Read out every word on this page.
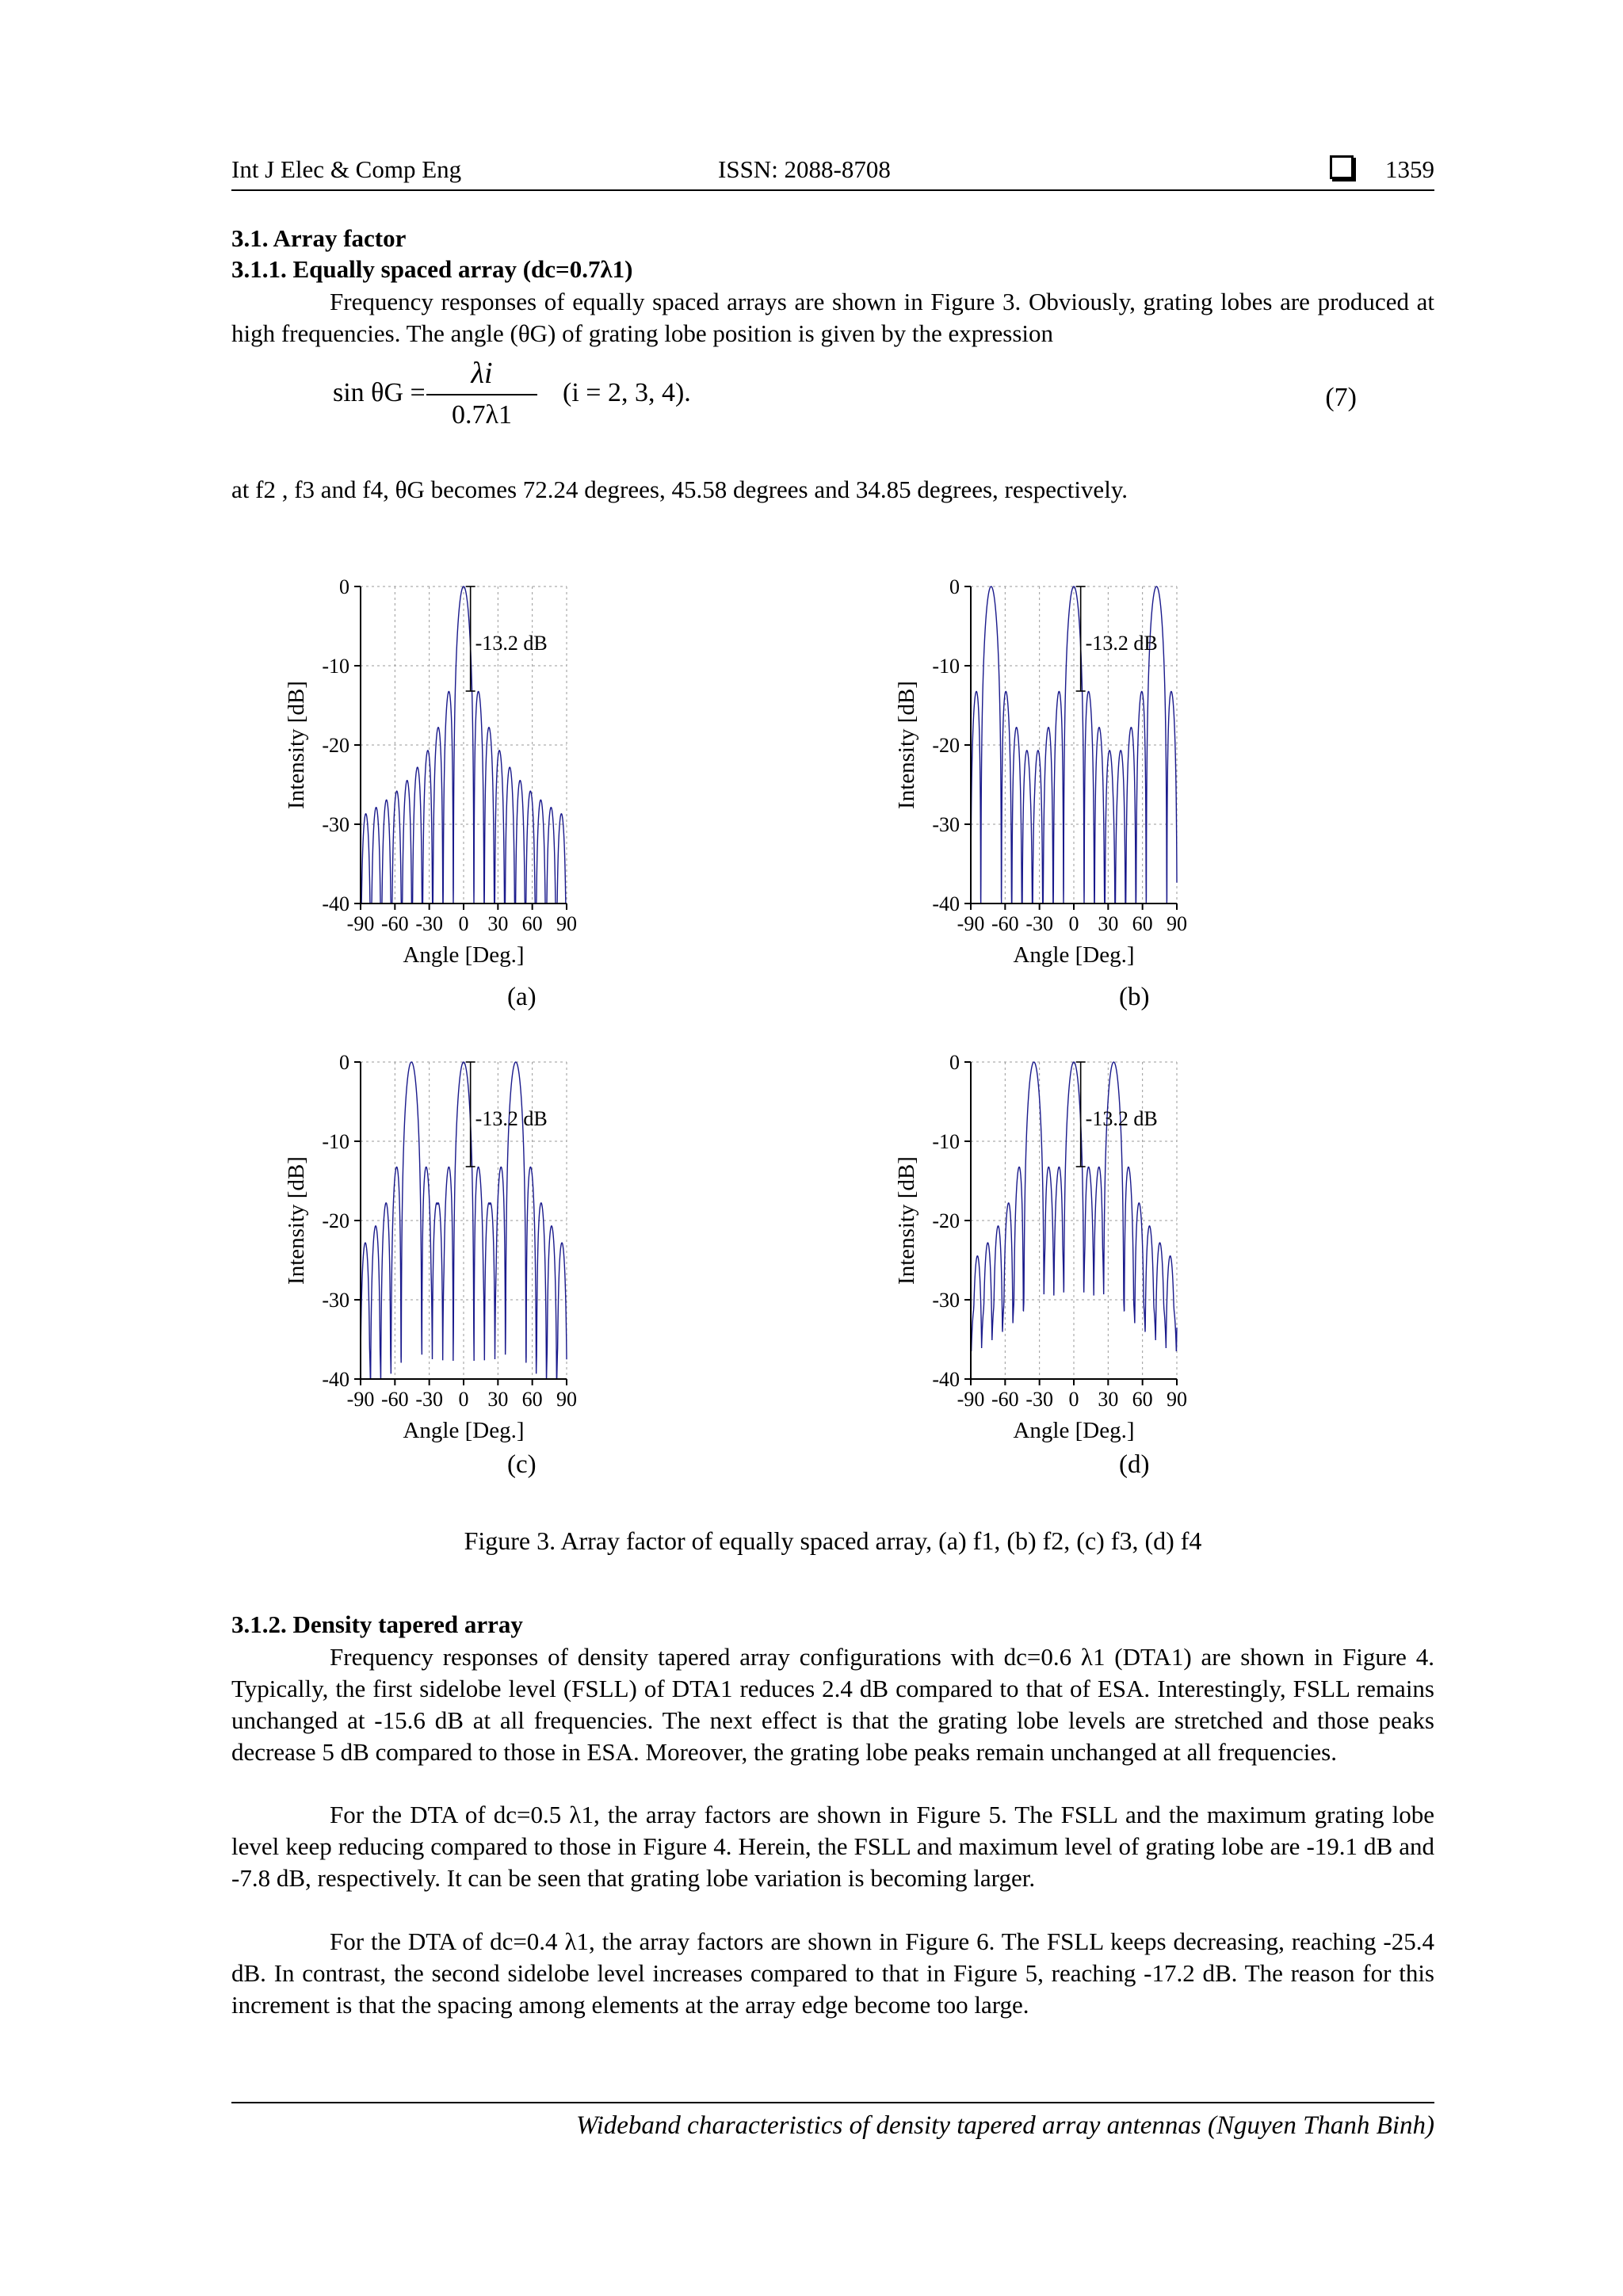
Int J Elec & Comp Eng	ISSN: 2088-8708	1359
3.1. Array factor
3.1.1. Equally spaced array (dc=0.7λ1)
Frequency responses of equally spaced arrays are shown in Figure 3. Obviously, grating lobes are produced at high frequencies. The angle (θG) of grating lobe position is given by the expression
sin θG =
λi
0.7λ1
(i = 2, 3, 4).	(7)
at f2 , f3 and f4, θG becomes 72.24 degrees, 45.58 degrees and 34.85 degrees, respectively.
-90 -60 -30 0 30 60 90
0
-10
-20
-30
-40
Angle [Deg.]
Intensity [dB]
-13.2 dB
-90 -60 -30 0 30 60 90
0
-10
-20
-30
-40
Angle [Deg.]
Intensity [dB]
-13.2 dB
-90 -60 -30 0 30 60 90
0
-10
-20
-30
-40
Angle [Deg.]
Intensity [dB]
-13.2 dB
-90 -60 -30 0 30 60 90
0
-10
-20
-30
-40
Angle [Deg.]
Intensity [dB]
-13.2 dB
(a)	(b)
(c)	(d)
Figure 3. Array factor of equally spaced array, (a) f1, (b) f2, (c) f3, (d) f4
3.1.2. Density tapered array
Frequency responses of density tapered array configurations with dc=0.6 λ1 (DTA1) are shown in Figure 4. Typically, the first sidelobe level (FSLL) of DTA1 reduces 2.4 dB compared to that of ESA. Interestingly, FSLL remains unchanged at -15.6 dB at all frequencies. The next effect is that the grating lobe levels are stretched and those peaks decrease 5 dB compared to those in ESA. Moreover, the grating lobe peaks remain unchanged at all frequencies.
For the DTA of dc=0.5 λ1, the array factors are shown in Figure 5. The FSLL and the maximum grating lobe level keep reducing compared to those in Figure 4. Herein, the FSLL and maximum level of grating lobe are -19.1 dB and -7.8 dB, respectively. It can be seen that grating lobe variation is becoming larger.
For the DTA of dc=0.4 λ1, the array factors are shown in Figure 6. The FSLL keeps decreasing, reaching -25.4 dB. In contrast, the second sidelobe level increases compared to that in Figure 5, reaching -17.2 dB. The reason for this increment is that the spacing among elements at the array edge become too large.
Wideband characteristics of density tapered array antennas (Nguyen Thanh Binh)
